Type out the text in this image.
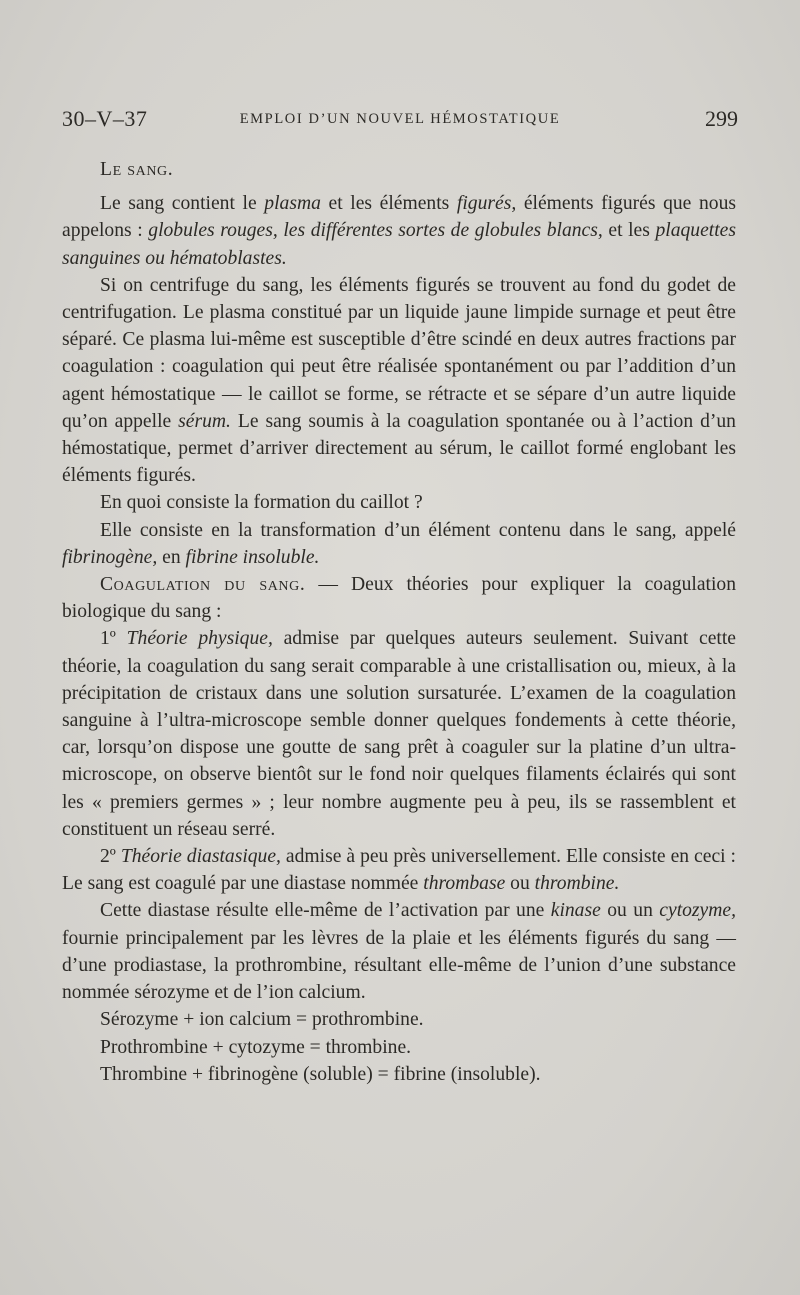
30–V–37	EMPLOI D’UN NOUVEL HÉMOSTATIQUE	299

Le sang.

Le sang contient le plasma et les éléments figurés, éléments figurés que nous appelons : globules rouges, les différentes sortes de globules blancs, et les plaquettes sanguines ou hématoblastes.

Si on centrifuge du sang, les éléments figurés se trouvent au fond du godet de centrifugation. Le plasma constitué par un liquide jaune limpide surnage et peut être séparé. Ce plasma lui-même est susceptible d’être scindé en deux autres fractions par coagulation : coagulation qui peut être réalisée spontanément ou par l’addition d’un agent hémostatique — le caillot se forme, se rétracte et se sépare d’un autre liquide qu’on appelle sérum. Le sang soumis à la coagulation spontanée ou à l’action d’un hémostatique, permet d’arriver directement au sérum, le caillot formé englobant les éléments figurés.

En quoi consiste la formation du caillot ?

Elle consiste en la transformation d’un élément contenu dans le sang, appelé fibrinogène, en fibrine insoluble.

Coagulation du sang. — Deux théories pour expliquer la coagulation biologique du sang :

1º Théorie physique, admise par quelques auteurs seulement. Suivant cette théorie, la coagulation du sang serait comparable à une cristallisation ou, mieux, à la précipitation de cristaux dans une solution sursaturée. L’examen de la coagulation sanguine à l’ultra-microscope semble donner quelques fondements à cette théorie, car, lorsqu’on dispose une goutte de sang prêt à coaguler sur la platine d’un ultra-microscope, on observe bientôt sur le fond noir quelques filaments éclairés qui sont les « premiers germes » ; leur nombre augmente peu à peu, ils se rassemblent et constituent un réseau serré.

2º Théorie diastasique, admise à peu près universellement. Elle consiste en ceci : Le sang est coagulé par une diastase nommée thrombase ou thrombine.

Cette diastase résulte elle-même de l’activation par une kinase ou un cytozyme, fournie principalement par les lèvres de la plaie et les éléments figurés du sang — d’une prodiastase, la prothrombine, résultant elle-même de l’union d’une substance nommée sérozyme et de l’ion calcium.

Sérozyme + ion calcium = prothrombine.

Prothrombine + cytozyme = thrombine.

Thrombine + fibrinogène (soluble) = fibrine (insoluble).
